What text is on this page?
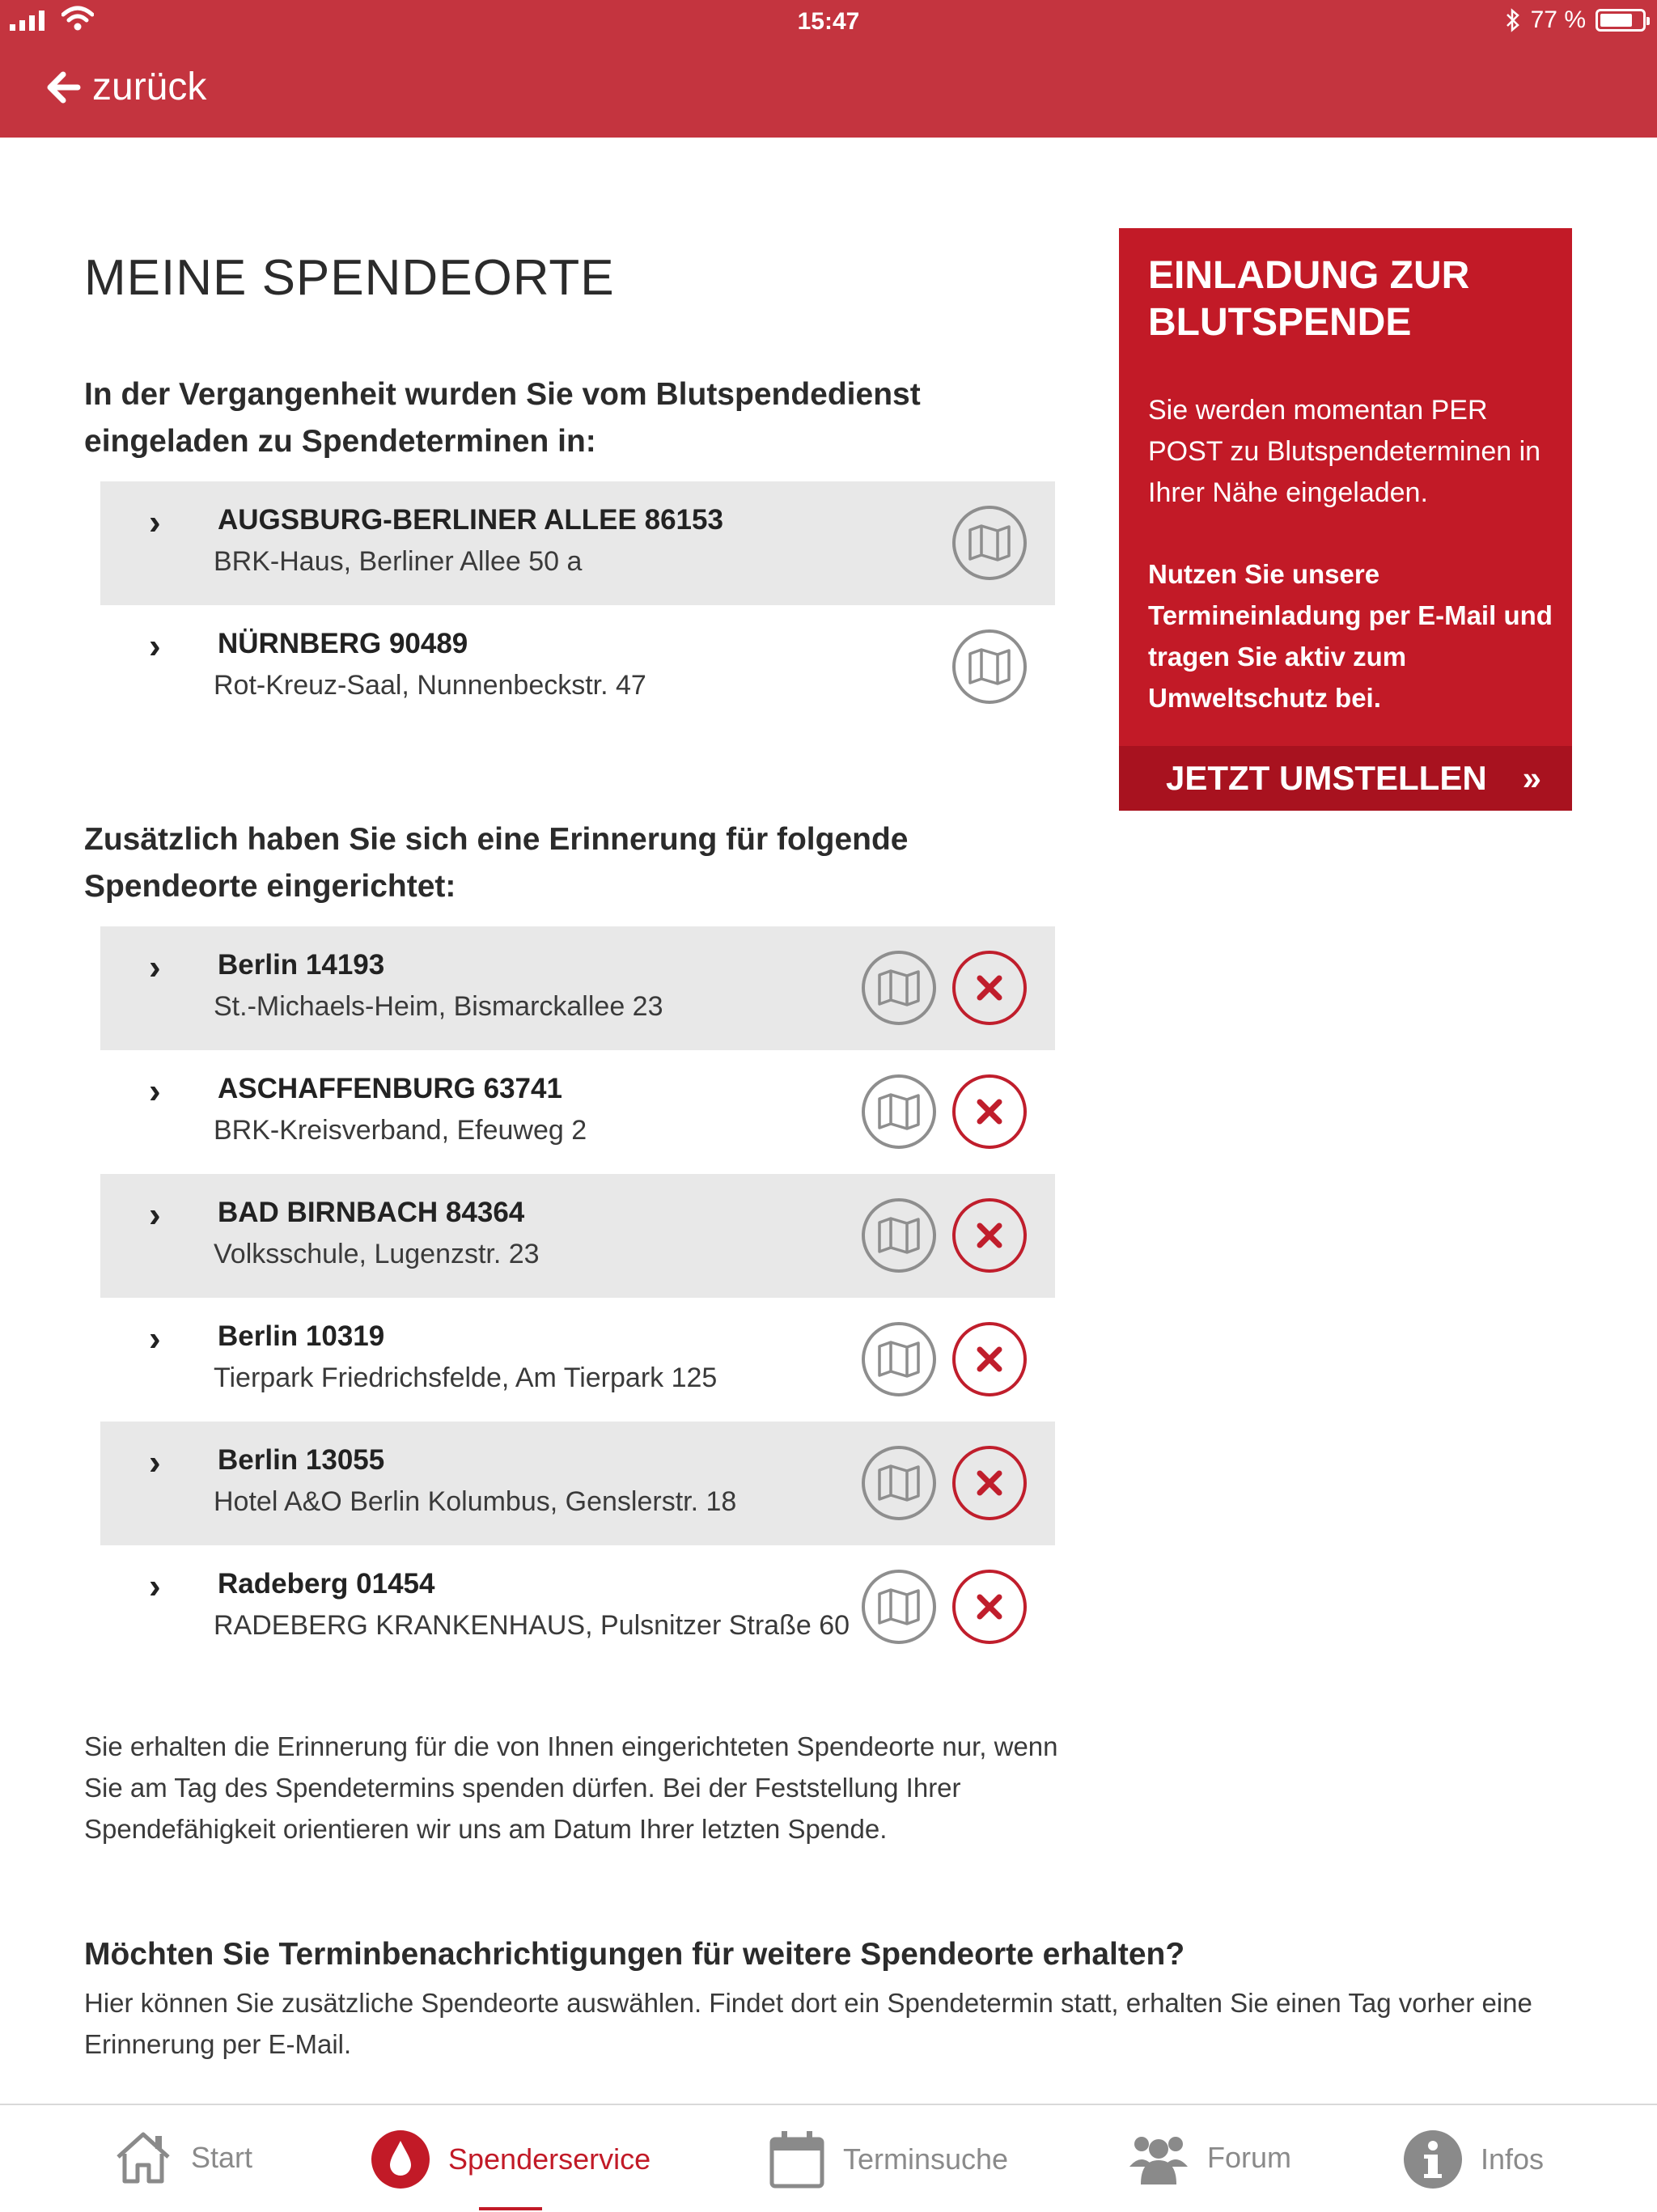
15:47	77 %
zurück
MEINE SPENDEORTE
In der Vergangenheit wurden Sie vom Blutspendedienst eingeladen zu Spendeterminen in:
› AUGSBURG-BERLINER ALLEE 86153
BRK-Haus, Berliner Allee 50 a
› NÜRNBERG 90489
Rot-Kreuz-Saal, Nunnenbeckstr. 47
Zusätzlich haben Sie sich eine Erinnerung für folgende Spendeorte eingerichtet:
› Berlin 14193
St.-Michaels-Heim, Bismarckallee 23
› ASCHAFFENBURG 63741
BRK-Kreisverband, Efeuweg 2
› BAD BIRNBACH 84364
Volksschule, Lugenzstr. 23
› Berlin 10319
Tierpark Friedrichsfelde, Am Tierpark 125
› Berlin 13055
Hotel A&O Berlin Kolumbus, Genslerstr. 18
› Radeberg 01454
RADEBERG KRANKENHAUS, Pulsnitzer Straße 60

Sie erhalten die Erinnerung für die von Ihnen eingerichteten Spendeorte nur, wenn Sie am Tag des Spendetermins spenden dürfen. Bei der Feststellung Ihrer Spendefähigkeit orientieren wir uns am Datum Ihrer letzten Spende.

Möchten Sie Terminbenachrichtigungen für weitere Spendeorte erhalten?

Hier können Sie zusätzliche Spendeorte auswählen. Findet dort ein Spendetermin statt, erhalten Sie einen Tag vorher eine Erinnerung per E-Mail.

EINLADUNG ZUR BLUTSPENDE
Sie werden momentan PER POST zu Blutspendeterminen in Ihrer Nähe eingeladen.
Nutzen Sie unsere Termineinladung per E-Mail und tragen Sie aktiv zum Umweltschutz bei.
JETZT UMSTELLEN »
Start	Spenderservice	Terminsuche	Forum	Infos
